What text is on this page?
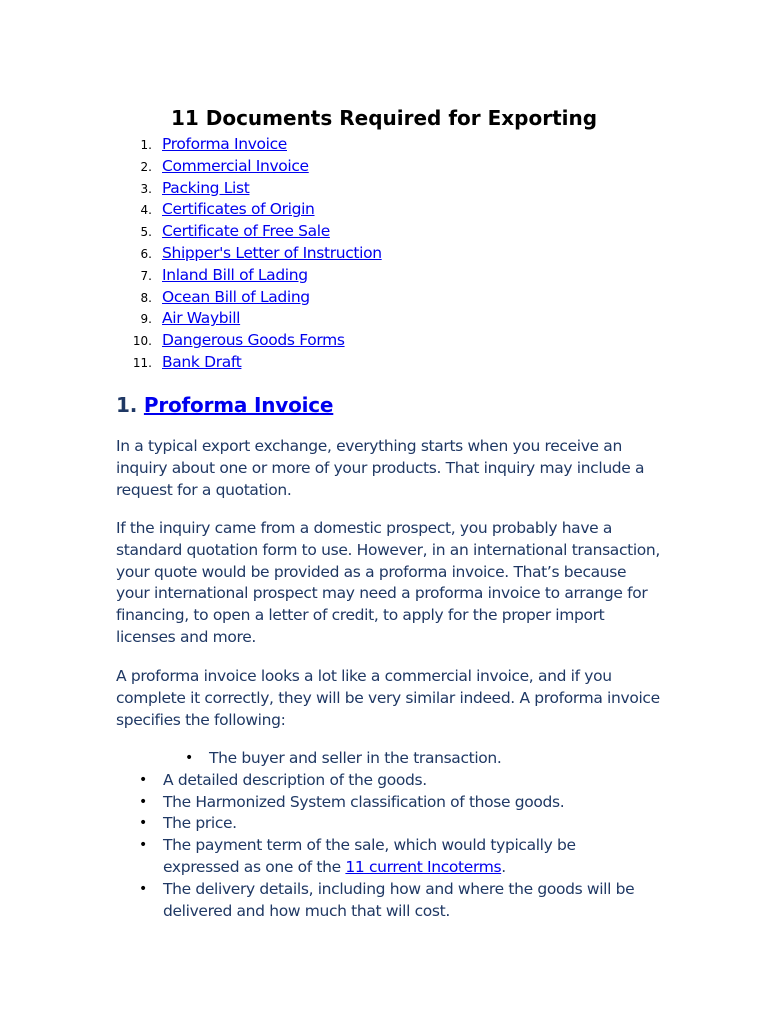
11 Documents Required for Exporting
1. Proforma Invoice
2. Commercial Invoice
3. Packing List
4. Certificates of Origin
5. Certificate of Free Sale
6. Shipper's Letter of Instruction
7. Inland Bill of Lading
8. Ocean Bill of Lading
9. Air Waybill
10. Dangerous Goods Forms
11. Bank Draft
1. Proforma Invoice

In a typical export exchange, everything starts when you receive an inquiry about one or more of your products. That inquiry may include a request for a quotation.

If the inquiry came from a domestic prospect, you probably have a standard quotation form to use. However, in an international transaction, your quote would be provided as a proforma invoice. That’s because your international prospect may need a proforma invoice to arrange for financing, to open a letter of credit, to apply for the proper import licenses and more.

A proforma invoice looks a lot like a commercial invoice, and if you complete it correctly, they will be very similar indeed. A proforma invoice specifies the following:

• The buyer and seller in the transaction.
• A detailed description of the goods.
• The Harmonized System classification of those goods.
• The price.
• The payment term of the sale, which would typically be expressed as one of the 11 current Incoterms.
• The delivery details, including how and where the goods will be delivered and how much that will cost.
